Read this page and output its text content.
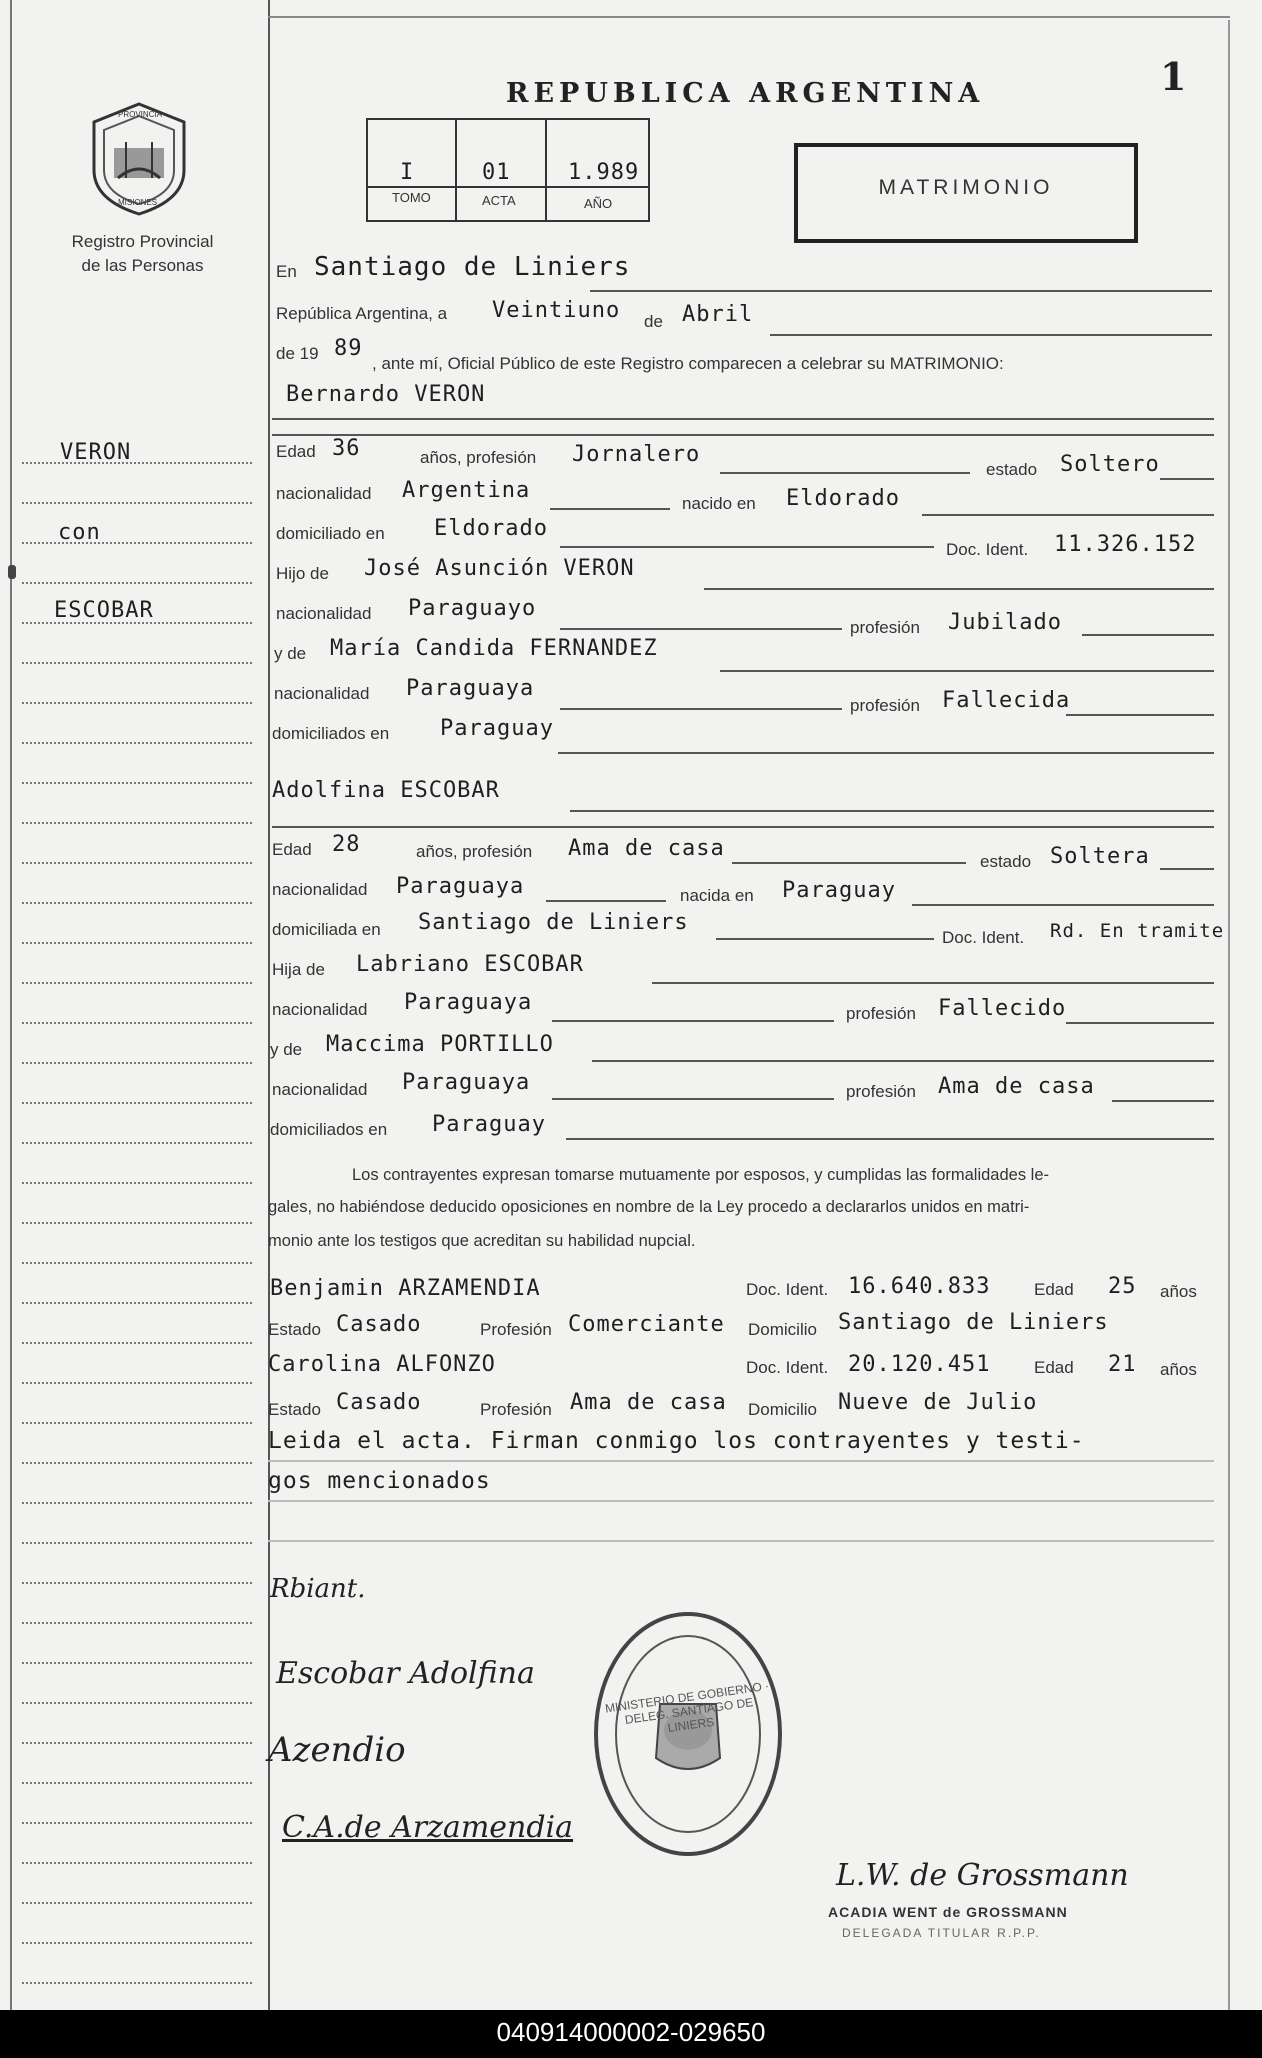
PROVINCIA
MISIONES
Registro Provincial
de las Personas
VERON
con
ESCOBAR
1
REPUBLICA ARGENTINA
I	01	1.989
TOMO	ACTA	AÑO
MATRIMONIO
En Santiago de Liniers
República Argentina, a Veintiuno de Abril
de 19 89
, ante mí, Oficial Público de este Registro comparecen a celebrar su MATRIMONIO:
Bernardo VERON
Edad 36	años, profesión Jornalero
estado Soltero
nacionalidad Argentina
nacido en Eldorado
domiciliado en Eldorado
Doc. Ident. 11.326.152
Hijo de José Asunción VERON
nacionalidad Paraguayo
profesión Jubilado
y de María Candida FERNANDEZ
nacionalidad Paraguaya
profesión Fallecida
domiciliados en Paraguay
Adolfina ESCOBAR
Edad 28	años, profesión Ama de casa
estado Soltera
nacionalidad Paraguaya	nacida en Paraguay
domiciliada en Santiago de Liniers
Doc. Ident. Rd. En tramite
Hija de Labriano ESCOBAR
nacionalidad Paraguaya	profesión Fallecido
y de Maccima PORTILLO
nacionalidad Paraguaya	profesión Ama de casa
domiciliados en Paraguay
Los contrayentes expresan tomarse mutuamente por esposos, y cumplidas las formalidades le-
gales, no habiéndose deducido oposiciones en nombre de la Ley procedo a declararlos unidos en matri-
monio ante los testigos que acreditan su habilidad nupcial.
Benjamin ARZAMENDIA	Doc. Ident. 16.640.833	Edad 25 años
Estado Casado	Profesión Comerciante Domicilio Santiago de Liniers
Carolina ALFONZO	Doc. Ident. 20.120.451	Edad 21 años
Estado Casado	Profesión Ama de casa Domicilio Nueve de Julio
Leida el acta. Firman conmigo los contrayentes y testi-
gos mencionados
Rbiant.
Escobar Adolfina
Azendio
C.A.de Arzamendia
MINISTERIO DE GOBIERNO · DELEG. SANTIAGO DE LINIERS
L.W. de Grossmann
ACADIA WENT de GROSSMANN
DELEGADA TITULAR R.P.P.
040914000002-029650
